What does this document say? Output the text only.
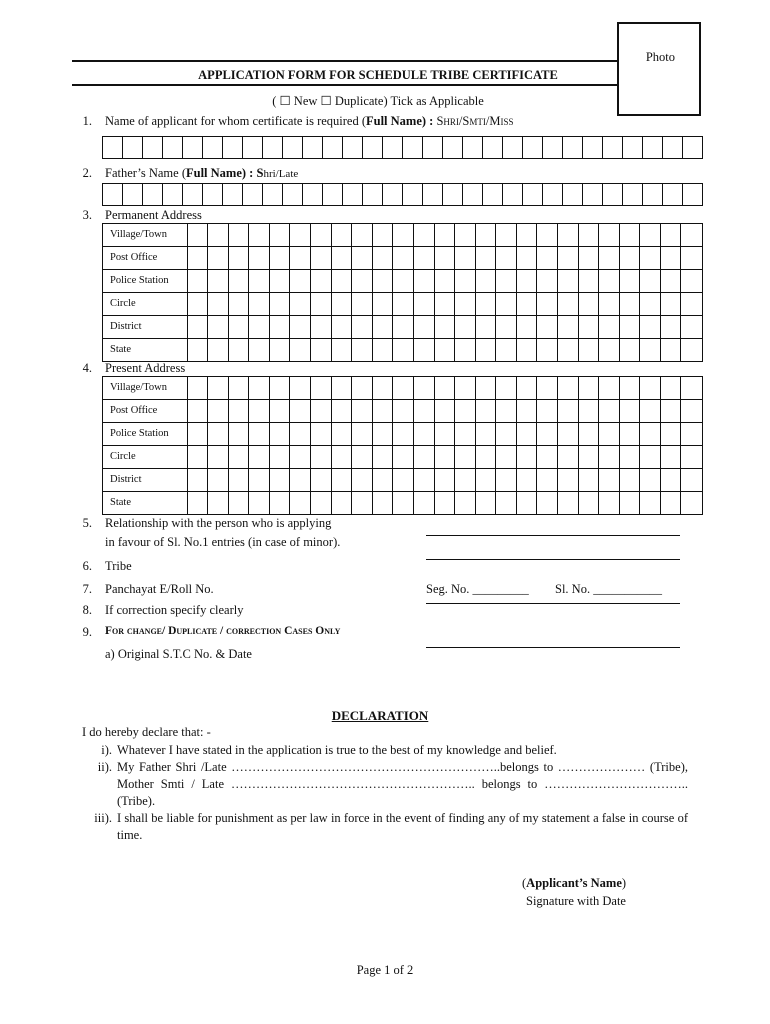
Photo
APPLICATION FORM FOR SCHEDULE TRIBE CERTIFICATE
( ☐ New ☐ Duplicate) Tick as Applicable
1. Name of applicant for whom certificate is required (Full Name) : Shri/Smti/Miss
2. Father’s Name (Full Name) : Shri/Late
3. Permanent Address
Village/Town
Post Office
Police Station
Circle
District
State
4. Present Address
Village/Town
Post Office
Police Station
Circle
District
State
5. Relationship with the person who is applying
in favour of Sl. No.1 entries (in case of minor).
6. Tribe
7. Panchayat E/Roll No.	Seg. No. _________ Sl. No. ___________
8. If correction specify clearly
9. For change/ Duplicate / correction Cases Only
a) Original S.T.C No. & Date
DECLARATION
I do hereby declare that: -
i). Whatever I have stated in the application is true to the best of my knowledge and belief.
ii). My Father Shri /Late ………………………………………………………..belongs to ………………… (Tribe), Mother Smti / Late ………………………………………………….. belongs to ……………………………..(Tribe).
iii). I shall be liable for punishment as per law in force in the event of finding any of my statement a false in course of time.
(Applicant’s Name)
Signature with Date
Page 1 of 2
